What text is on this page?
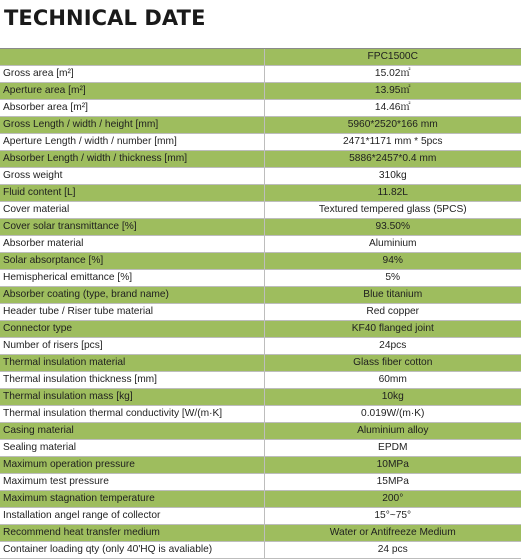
TECHNICAL DATE
	FPC1500C
Gross area [m²]	15.02㎡
Aperture area [m²]	13.95㎡
Absorber area [m²]	14.46㎡
Gross Length / width / height [mm]	5960*2520*166 mm
Aperture Length / width / number [mm]	2471*1171 mm * 5pcs
Absorber Length / width / thickness [mm]	5886*2457*0.4 mm
Gross weight	310kg
Fluid content [L]	11.82L
Cover material	Textured tempered glass (5PCS)
Cover solar transmittance [%]	93.50%
Absorber material	Aluminium
Solar absorptance [%]	94%
Hemispherical emittance [%]	5%
Absorber coating (type, brand name)	Blue titanium
Header tube / Riser tube material	Red copper
Connector type	KF40 flanged joint
Number of risers [pcs]	24pcs
Thermal insulation material	Glass fiber cotton
Thermal insulation thickness [mm]	60mm
Thermal insulation mass [kg]	10kg
Thermal insulation thermal conductivity [W/(m·K]	0.019W/(m·K)
Casing material	Aluminium alloy
Sealing material	EPDM
Maximum operation pressure	10MPa
Maximum test pressure	15MPa
Maximum stagnation temperature	200°
Installation angel range of collector	15°~75°
Recommend heat transfer medium	Water or Antifreeze Medium
Container loading qty (only 40'HQ is avaliable)	24 pcs
